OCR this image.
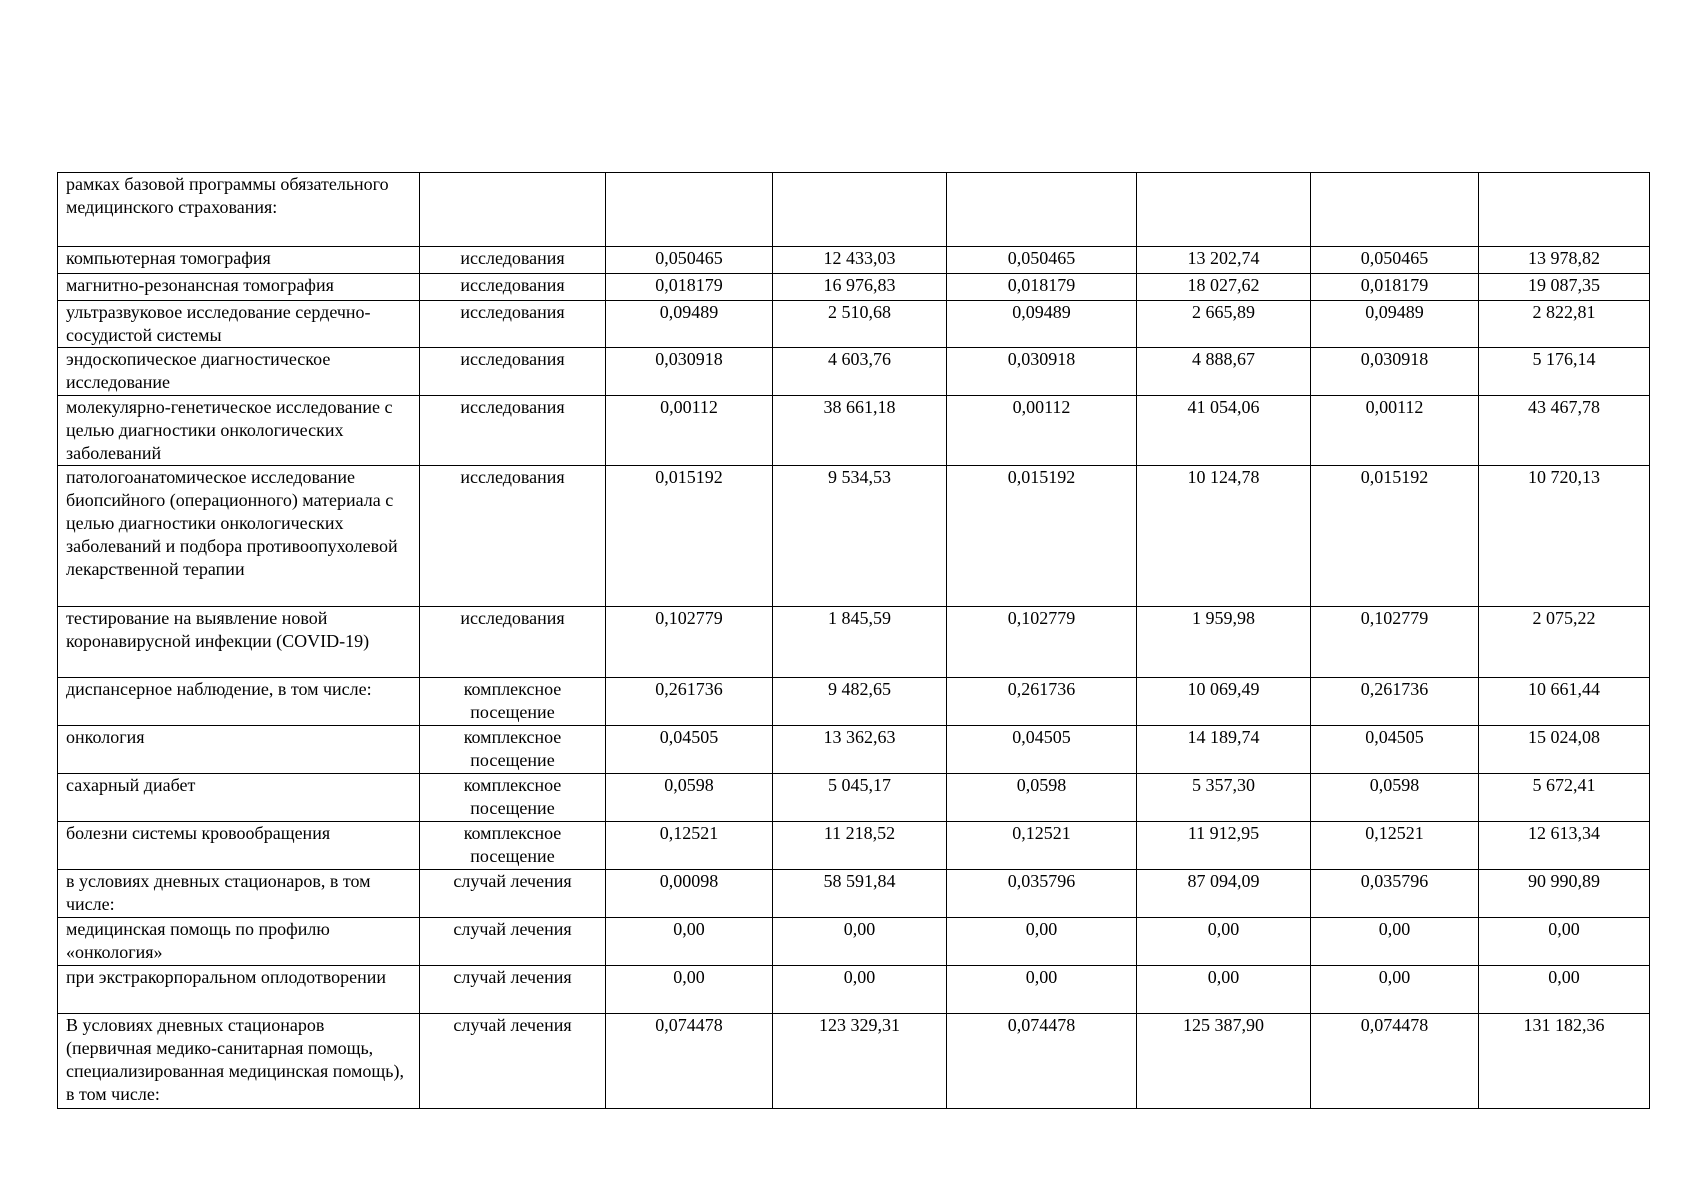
рамках базовой программы обязательного медицинского страхования:							
компьютерная томография	исследования	0,050465	12 433,03	0,050465	13 202,74	0,050465	13 978,82
магнитно-резонансная томография	исследования	0,018179	16 976,83	0,018179	18 027,62	0,018179	19 087,35
ультразвуковое исследование сердечно-сосудистой системы	исследования	0,09489	2 510,68	0,09489	2 665,89	0,09489	2 822,81
эндоскопическое диагностическое исследование	исследования	0,030918	4 603,76	0,030918	4 888,67	0,030918	5 176,14
молекулярно-генетическое исследование с целью диагностики онкологических заболеваний	исследования	0,00112	38 661,18	0,00112	41 054,06	0,00112	43 467,78
патологоанатомическое исследование биопсийного (операционного) материала с целью диагностики онкологических заболеваний и подбора противоопухолевой лекарственной терапии	исследования	0,015192	9 534,53	0,015192	10 124,78	0,015192	10 720,13
тестирование на выявление новой коронавирусной инфекции (COVID-19)	исследования	0,102779	1 845,59	0,102779	1 959,98	0,102779	2 075,22
диспансерное наблюдение, в том числе:	комплексное посещение	0,261736	9 482,65	0,261736	10 069,49	0,261736	10 661,44
онкология	комплексное посещение	0,04505	13 362,63	0,04505	14 189,74	0,04505	15 024,08
сахарный диабет	комплексное посещение	0,0598	5 045,17	0,0598	5 357,30	0,0598	5 672,41
болезни системы кровообращения	комплексное посещение	0,12521	11 218,52	0,12521	11 912,95	0,12521	12 613,34
в условиях дневных стационаров, в том числе:	случай лечения	0,00098	58 591,84	0,035796	87 094,09	0,035796	90 990,89
медицинская помощь по профилю «онкология»	случай лечения	0,00	0,00	0,00	0,00	0,00	0,00
при экстракорпоральном оплодотворении	случай лечения	0,00	0,00	0,00	0,00	0,00	0,00
В условиях дневных стационаров (первичная медико-санитарная помощь, специализированная медицинская помощь), в том числе:	случай лечения	0,074478	123 329,31	0,074478	125 387,90	0,074478	131 182,36
